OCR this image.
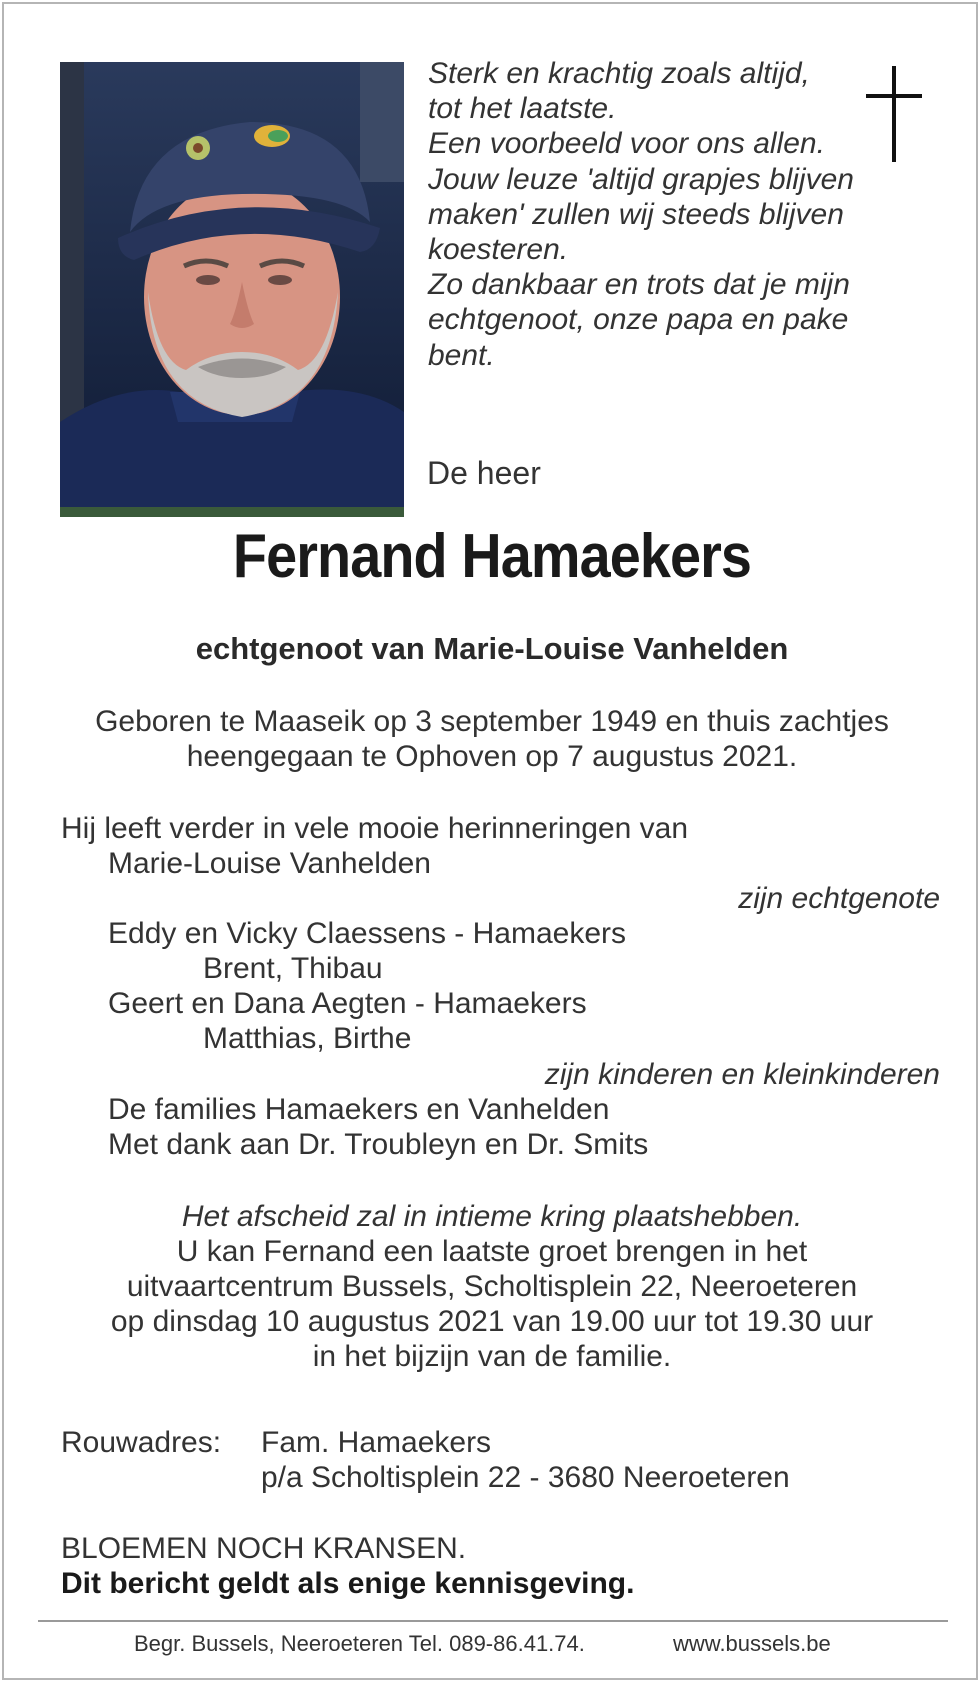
Sterk en krachtig zoals altijd,
tot het laatste.
Een voorbeeld voor ons allen.
Jouw leuze 'altijd grapjes blijven
maken' zullen wij steeds blijven
koesteren.
Zo dankbaar en trots dat je mijn
echtgenoot, onze papa en pake
bent.
De heer
Fernand Hamaekers
echtgenoot van Marie-Louise Vanhelden
Geboren te Maaseik op 3 september 1949 en thuis zachtjes
heengegaan te Ophoven op 7 augustus 2021.
Hij leeft verder in vele mooie herinneringen van
Marie-Louise Vanhelden
zijn echtgenote
Eddy en Vicky Claessens - Hamaekers
Brent, Thibau
Geert en Dana Aegten - Hamaekers
Matthias, Birthe
zijn kinderen en kleinkinderen
De families Hamaekers en Vanhelden
Met dank aan Dr. Troubleyn en Dr. Smits
Het afscheid zal in intieme kring plaatshebben.
U kan Fernand een laatste groet brengen in het
uitvaartcentrum Bussels, Scholtisplein 22, Neeroeteren
op dinsdag 10 augustus 2021 van 19.00 uur tot 19.30 uur
in het bijzijn van de familie.
Rouwadres: Fam. Hamaekers
p/a Scholtisplein 22 - 3680 Neeroeteren
BLOEMEN NOCH KRANSEN.
Dit bericht geldt als enige kennisgeving.
Begr. Bussels, Neeroeteren Tel. 089-86.41.74.	www.bussels.be
